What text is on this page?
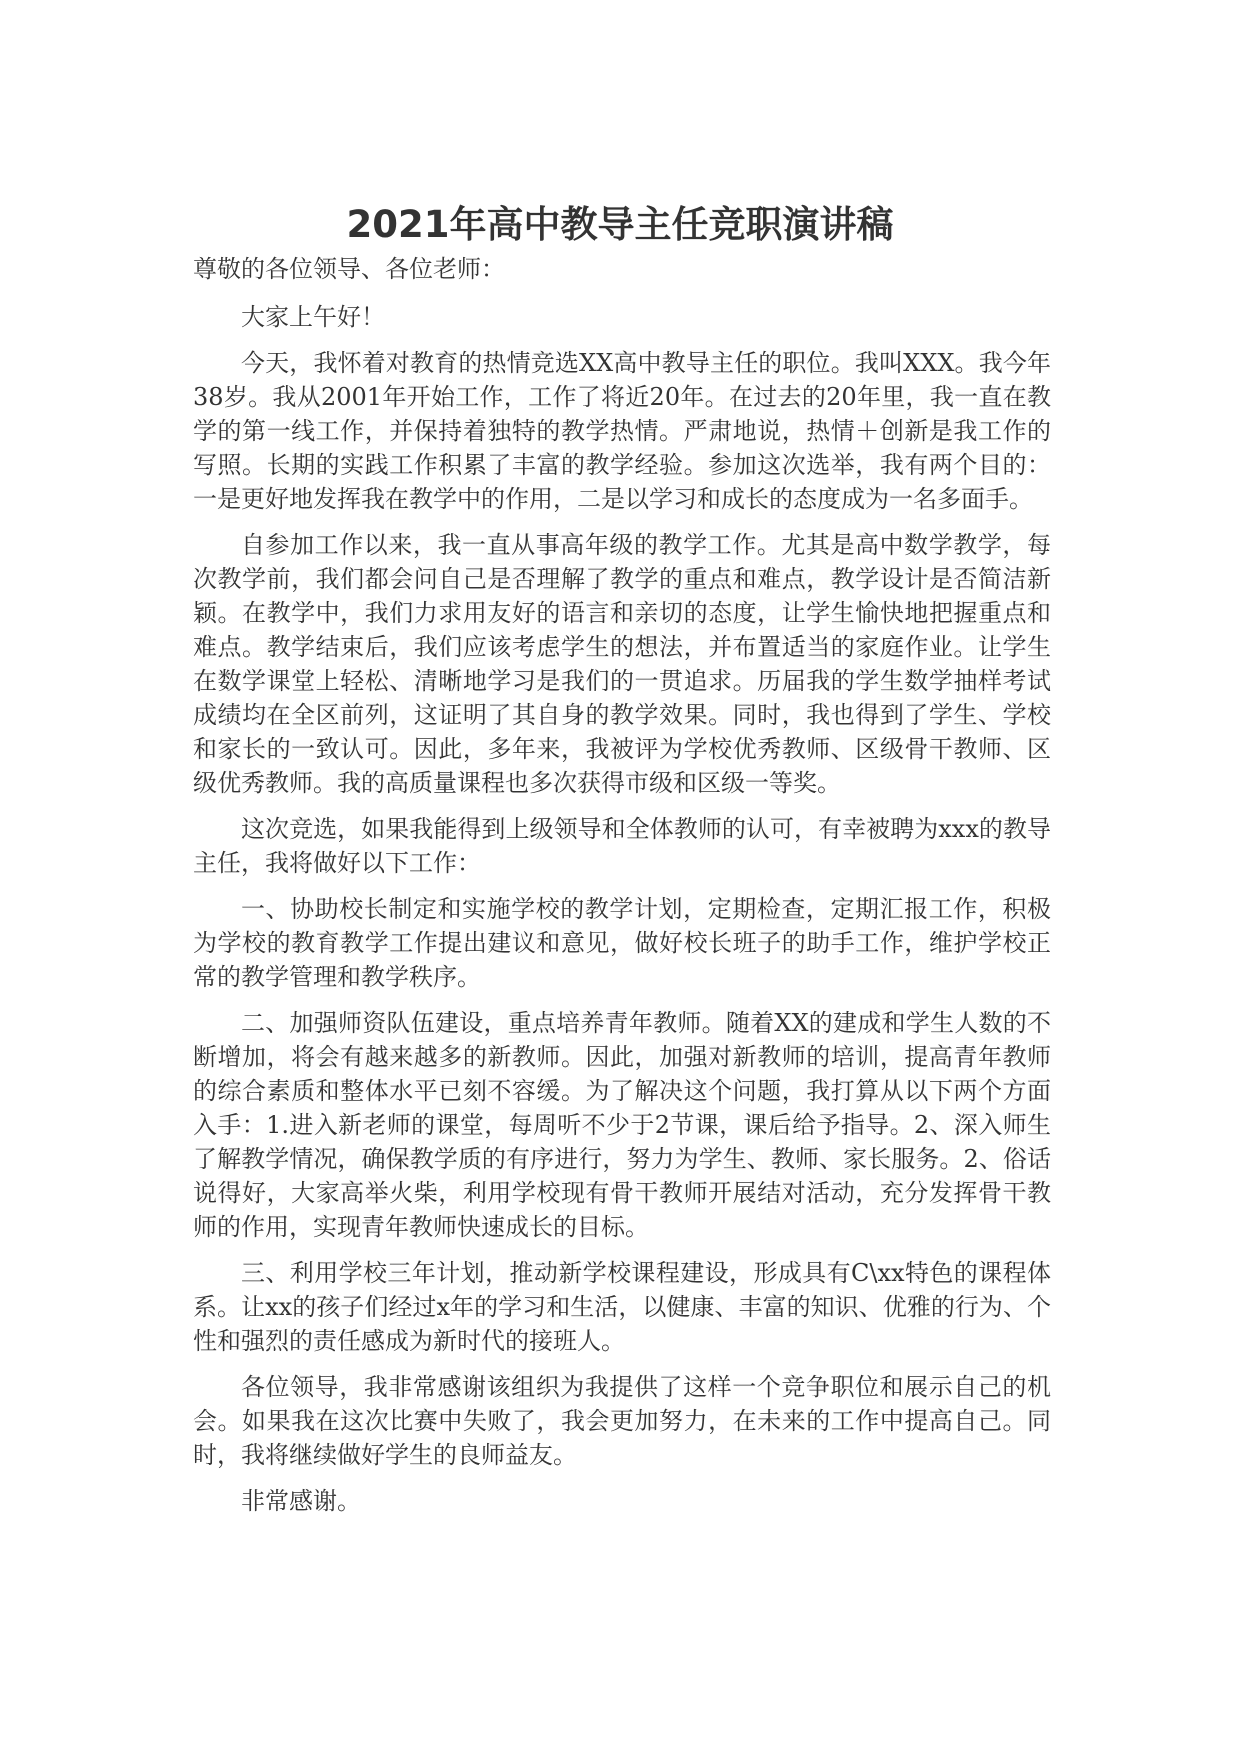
2021年高中教导主任竞职演讲稿

尊敬的各位领导、各位老师：

大家上午好！

今天，我怀着对教育的热情竞选XX高中教导主任的职位。我叫XXX。我今年38岁。我从2001年开始工作，工作了将近20年。在过去的20年里，我一直在教学的第一线工作，并保持着独特的教学热情。严肃地说，热情＋创新是我工作的写照。长期的实践工作积累了丰富的教学经验。参加这次选举，我有两个目的：一是更好地发挥我在教学中的作用，二是以学习和成长的态度成为一名多面手。

自参加工作以来，我一直从事高年级的教学工作。尤其是高中数学教学，每次教学前，我们都会问自己是否理解了教学的重点和难点，教学设计是否简洁新颖。在教学中，我们力求用友好的语言和亲切的态度，让学生愉快地把握重点和难点。教学结束后，我们应该考虑学生的想法，并布置适当的家庭作业。让学生在数学课堂上轻松、清晰地学习是我们的一贯追求。历届我的学生数学抽样考试成绩均在全区前列，这证明了其自身的教学效果。同时，我也得到了学生、学校和家长的一致认可。因此，多年来，我被评为学校优秀教师、区级骨干教师、区级优秀教师。我的高质量课程也多次获得市级和区级一等奖。

这次竞选，如果我能得到上级领导和全体教师的认可，有幸被聘为xxx的教导主任，我将做好以下工作：

一、协助校长制定和实施学校的教学计划，定期检查，定期汇报工作，积极为学校的教育教学工作提出建议和意见，做好校长班子的助手工作，维护学校正常的教学管理和教学秩序。

二、加强师资队伍建设，重点培养青年教师。随着XX的建成和学生人数的不断增加，将会有越来越多的新教师。因此，加强对新教师的培训，提高青年教师的综合素质和整体水平已刻不容缓。为了解决这个问题，我打算从以下两个方面入手：1.进入新老师的课堂，每周听不少于2节课，课后给予指导。2、深入师生了解教学情况，确保教学质的有序进行，努力为学生、教师、家长服务。2、俗话说得好，大家高举火柴，利用学校现有骨干教师开展结对活动，充分发挥骨干教师的作用，实现青年教师快速成长的目标。

三、利用学校三年计划，推动新学校课程建设，形成具有C\xx特色的课程体系。让xx的孩子们经过x年的学习和生活，以健康、丰富的知识、优雅的行为、个性和强烈的责任感成为新时代的接班人。

各位领导，我非常感谢该组织为我提供了这样一个竞争职位和展示自己的机会。如果我在这次比赛中失败了，我会更加努力，在未来的工作中提高自己。同时，我将继续做好学生的良师益友。

非常感谢。
